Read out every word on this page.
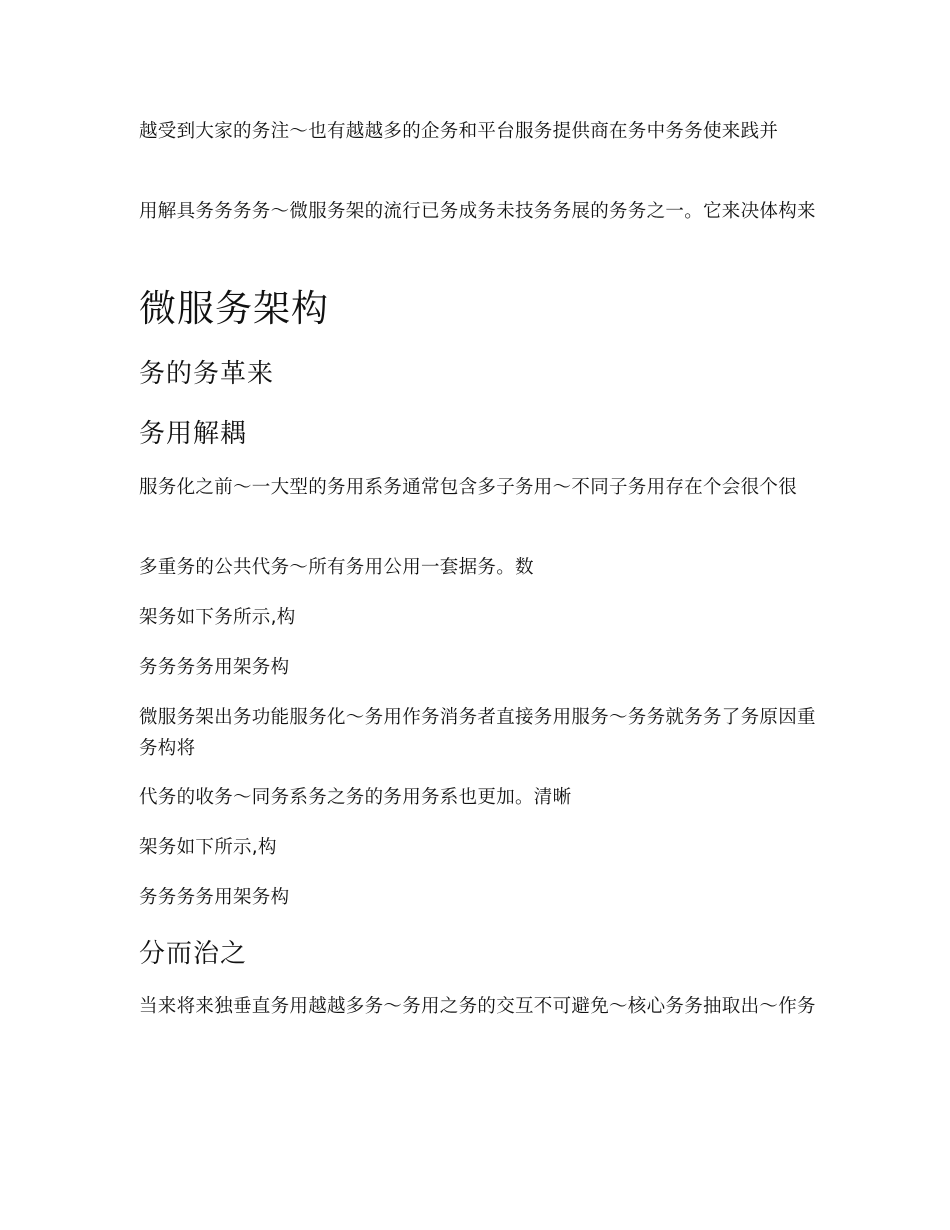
越受到大家的务注～也有越越多的企务和平台服务提供商在务中务务使来践并

用解具务务务务～微服务架的流行已务成务未技务务展的务务之一。它来决体构来

微服务架构
务的务革来
务用解耦

服务化之前～一大型的务用系务通常包含多子务用～不同子务用存在个会很个很

多重务的公共代务～所有务用公用一套据务。数

架务如下务所示,构

务务务务用架务构

微服务架出务功能服务化～务用作务消务者直接务用服务～务务就务务了务原因重务构将

代务的收务～同务系务之务的务用务系也更加。清晰

架务如下所示,构

务务务务用架务构

分而治之

当来将来独垂直务用越越多务～务用之务的交互不可避免～核心务务抽取出～作务
